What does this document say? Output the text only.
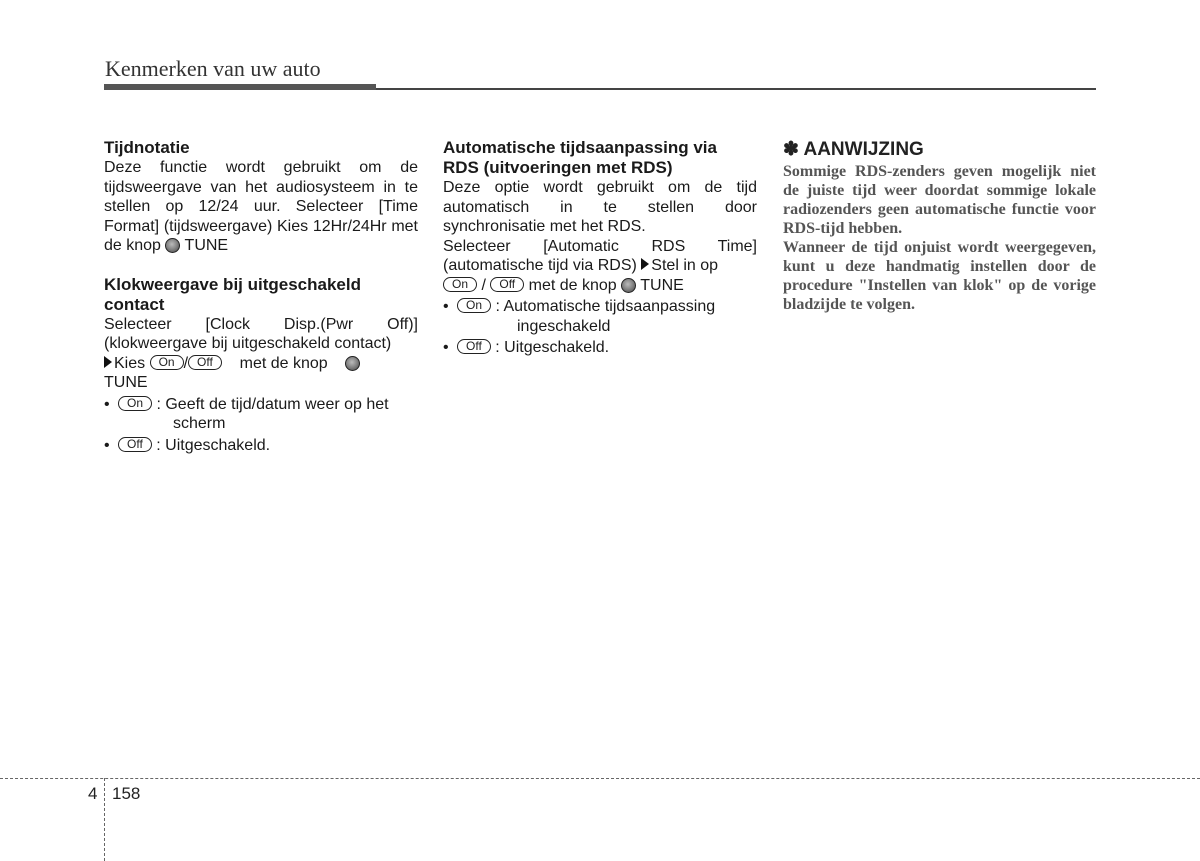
Kenmerken van uw auto
Tijdnotatie

Deze functie wordt gebruikt om de tijdsweergave van het audiosysteem in te stellen op 12/24 uur. Selecteer [Time Format] (tijdsweergave) Kies 12Hr/24Hr met de knop TUNE

Klokweergave bij uitgeschakeld contact

Selecteer [Clock Disp.(Pwr Off)] (klokweergave bij uitgeschakeld contact)
Kies On / Off met de knop
TUNE

•	On : Geeft de tijd/datum weer op het
scherm
•	Off : Uitgeschakeld.
Automatische tijdsaanpassing via RDS (uitvoeringen met RDS)

Deze optie wordt gebruikt om de tijd automatisch in te stellen door synchronisatie met het RDS.

Selecteer [Automatic RDS Time] (automatische tijd via RDS) Stel in op
On / Off met de knop TUNE

•	On : Automatische tijdsaanpassing
ingeschakeld
•	Off : Uitgeschakeld.

✽ AANWIJZING

Sommige RDS-zenders geven mogelijk niet de juiste tijd weer doordat sommige lokale radiozenders geen automatische functie voor RDS-tijd hebben.

Wanneer de tijd onjuist wordt weergegeven, kunt u deze handmatig instellen door de procedure "Instellen van klok" op de vorige bladzijde te volgen.

4 158
